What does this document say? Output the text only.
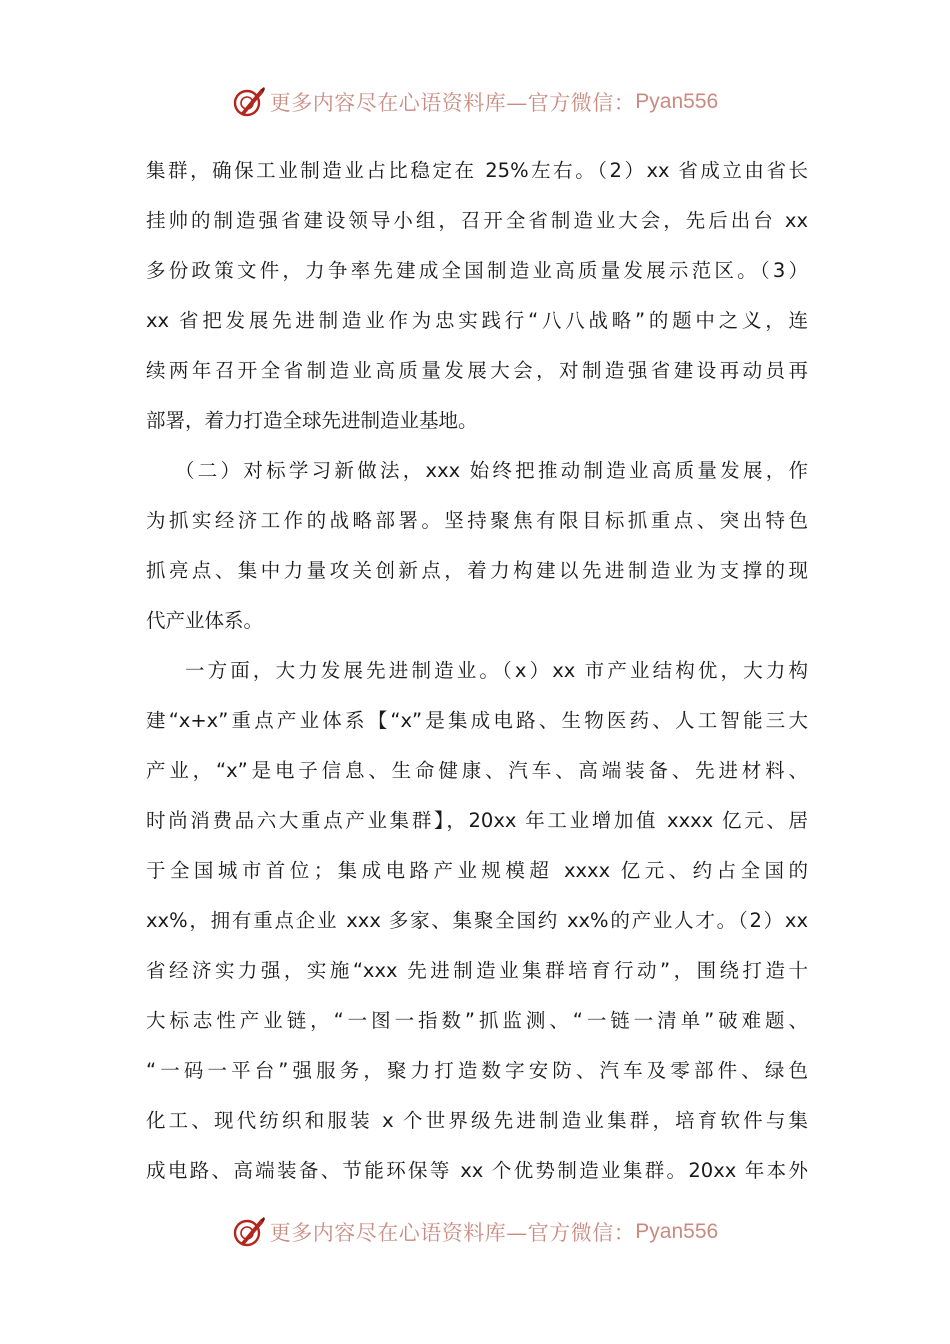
更多内容尽在心语资料库—官方微信： Pyan556
集群，确保工业制造业占比稳定在 25%左右。（2）xx 省成立由省长
挂帅的制造强省建设领导小组，召开全省制造业大会，先后出台 xx
多份政策文件，力争率先建成全国制造业高质量发展示范区。（3）
xx 省把发展先进制造业作为忠实践行“八八战略”的题中之义，连
续两年召开全省制造业高质量发展大会，对制造强省建设再动员再
部署，着力打造全球先进制造业基地。
（二）对标学习新做法，xxx 始终把推动制造业高质量发展，作
为抓实经济工作的战略部署。坚持聚焦有限目标抓重点、突出特色
抓亮点、集中力量攻关创新点，着力构建以先进制造业为支撑的现
代产业体系。
一方面，大力发展先进制造业。（x）xx 市产业结构优，大力构
建“x+x”重点产业体系【“x”是集成电路、生物医药、人工智能三大
产业，“x”是电子信息、生命健康、汽车、高端装备、先进材料、
时尚消费品六大重点产业集群】，20xx 年工业增加值 xxxx 亿元、居
于全国城市首位；集成电路产业规模超 xxxx 亿元、约占全国的
xx%，拥有重点企业 xxx 多家、集聚全国约 xx%的产业人才。（2）xx
省经济实力强，实施“xxx 先进制造业集群培育行动”，围绕打造十
大标志性产业链，“一图一指数”抓监测、“一链一清单”破难题、
“一码一平台”强服务，聚力打造数字安防、汽车及零部件、绿色
化工、现代纺织和服装 x 个世界级先进制造业集群，培育软件与集
成电路、高端装备、节能环保等 xx 个优势制造业集群。20xx 年本外
更多内容尽在心语资料库—官方微信： Pyan556
